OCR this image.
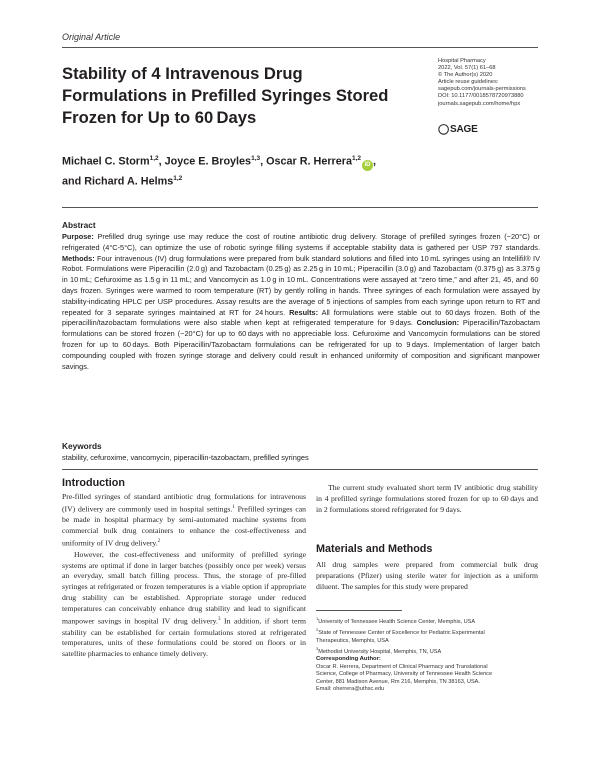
Original Article
Stability of 4 Intravenous Drug Formulations in Prefilled Syringes Stored Frozen for Up to 60 Days
Hospital Pharmacy
2022, Vol. 57(1) 61–68
© The Author(s) 2020
Article reuse guidelines:
sagepub.com/journals-permissions
DOI: 10.1177/0018578720973880
journals.sagepub.com/home/hpx
◯ SAGE
Michael C. Storm$^{1,2}$, Joyce E. Broyles$^{1,3}$, Oscar R. Herrera$^{1,2}$iD ,
and Richard A. Helms$^{1,2}$
Abstract
Purpose: Prefilled drug syringe use may reduce the cost of routine antibiotic drug delivery. Storage of prefilled syringes frozen (−20°C) or refrigerated (4°C-5°C), can optimize the use of robotic syringe filling systems if acceptable stability data is gathered per USP 797 standards. Methods: Four intravenous (IV) drug formulations were prepared from bulk standard solutions and filled into 10 mL syringes using an Intellifil® IV Robot. Formulations were Piperacillin (2.0 g) and Tazobactam (0.25 g) as 2.25 g in 10 mL; Piperacillin (3.0 g) and Tazobactam (0.375 g) as 3.375 g in 10 mL; Cefuroxime as 1.5 g in 11 mL; and Vancomycin as 1.0 g in 10 mL. Concentrations were assayed at “zero time,” and after 21, 45, and 60 days frozen. Syringes were warmed to room temperature (RT) by gently rolling in hands. Three syringes of each formulation were assayed by stability-indicating HPLC per USP procedures. Assay results are the average of 5 injections of samples from each syringe upon return to RT and repeated for 3 separate syringes maintained at RT for 24 hours. Results: All formulations were stable out to 60 days frozen. Both of the piperacillin/tazobactam formulations were also stable when kept at refrigerated temperature for 9 days. Conclusion: Piperacillin/Tazobactam formulations can be stored frozen (−20°C) for up to 60 days with no appreciable loss. Cefuroxime and Vancomycin formulations can be stored frozen for up to 60 days. Both Piperacillin/Tazobactam formulations can be refrigerated for up to 9 days. Implementation of larger batch compounding coupled with frozen syringe storage and delivery could result in enhanced uniformity of composition and significant manpower savings.
Keywords
stability, cefuroxime, vancomycin, piperacillin-tazobactam, prefilled syringes
Introduction

Pre-filled syringes of standard antibiotic drug formulations for intravenous (IV) delivery are commonly used in hospital settings.$^1$ Prefilled syringes can be made in hospital pharmacy by semi-automated machine systems from commercial bulk drug containers to enhance the cost-effectiveness and uniformity of IV drug delivery.$^2$

However, the cost-effectiveness and uniformity of prefilled syringe systems are optimal if done in larger batches (possibly once per week) versus an everyday, small batch filling process. Thus, the storage of pre-filled syringes at refrigerated or frozen temperatures is a viable option if appropriate drug stability can be established. Appropriate storage under reduced temperatures can conceivably enhance drug stability and lead to significant manpower savings in hospital IV drug delivery.$^3$ In addition, if short term stability can be established for certain formulations stored at refrigerated temperatures, units of these formulations could be stored on floors or in satellite pharmacies to enhance timely delivery.

The current study evaluated short term IV antibiotic drug stability in 4 prefilled syringe formulations stored frozen for up to 60 days and in 2 formulations stored refrigerated for 9 days.
Materials and Methods
All drug samples were prepared from commercial bulk drug preparations (Pfizer) using sterile water for injection as a uniform diluent. The samples for this study were prepared
$^1$University of Tennessee Health Science Center, Memphis, USA
$^2$State of Tennessee Center of Excellence for Pediatric Experimental
Therapeutics, Memphis, USA
$^3$Methodist University Hospital, Memphis, TN, USA
Corresponding Author:
Oscar R. Herrera, Department of Clinical Pharmacy and Translational
Science, College of Pharmacy, University of Tennessee Health Science
Center, 881 Madison Avenue, Rm 216, Memphis, TN 38163, USA.
Email: oherrera@uthsc.edu
